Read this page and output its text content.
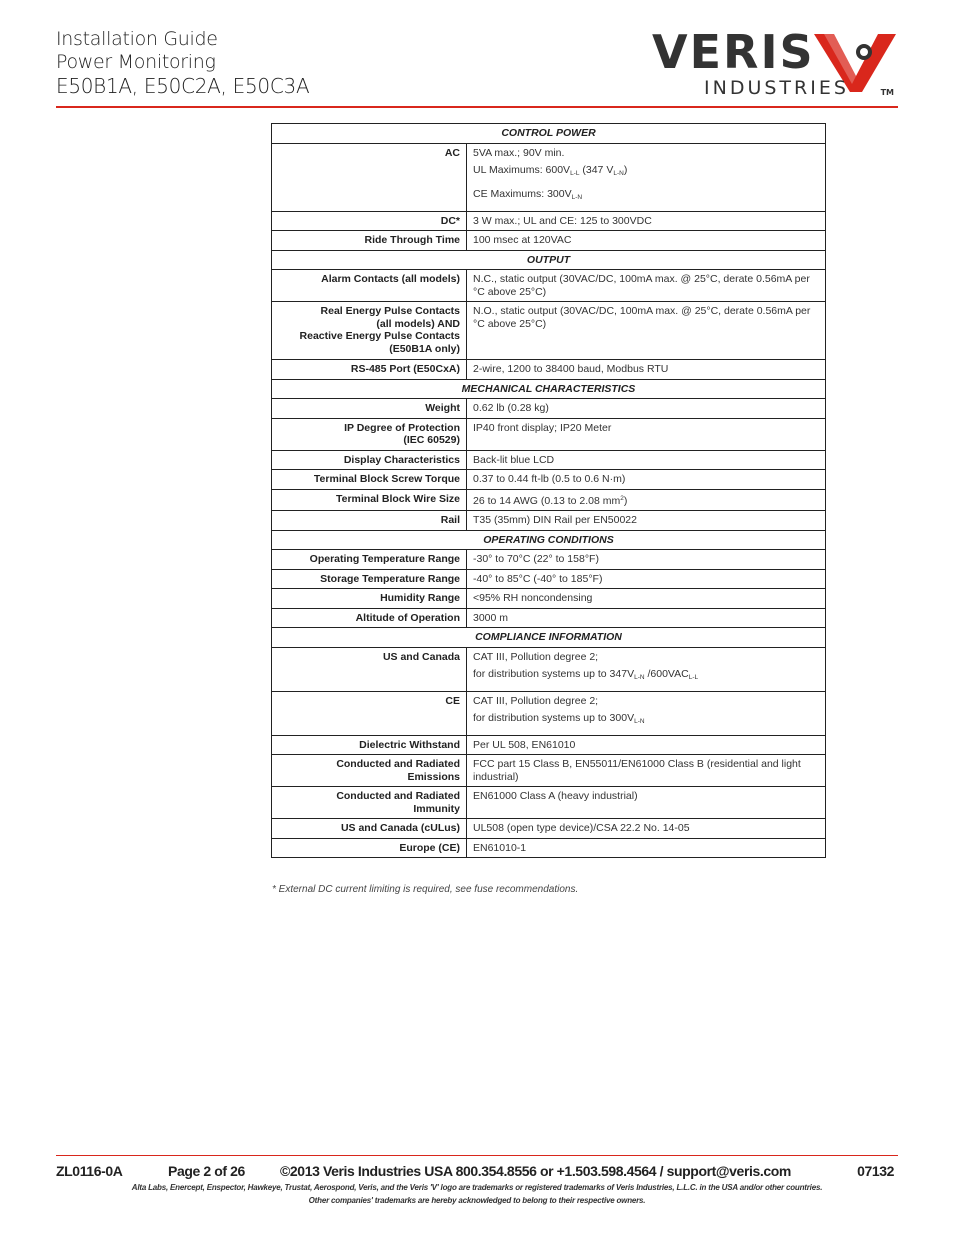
Installation Guide
Power Monitoring
E50B1A, E50C2A, E50C3A
VERIS
INDUSTRIES	TM
CONTROL POWER	
AC	5VA max.; 90V min.
UL Maximums: $600V_{L-L}$ (347 $V_{L-N}$)
CE Maximums: $300V_{L-N}$

DC*	3 W max.; UL and CE: 125 to 300VDC
Ride Through Time	100 msec at 120VAC
OUTPUT	
Alarm Contacts (all models)	N.C., static output (30VAC/DC, 100mA max. @ 25°C, derate 0.56mA per °C above 25°C)

Real Energy Pulse Contacts
(all models) AND
Reactive Energy Pulse Contacts
(E50B1A only)	N.O., static output (30VAC/DC, 100mA max. @ 25°C, derate 0.56mA per °C above 25°C)
RS-485 Port (E50CxA)	2-wire, 1200 to 38400 baud, Modbus RTU
MECHANICAL CHARACTERISTICS	
Weight	0.62 lb (0.28 kg)

IP Degree of Protection
(IEC 60529)	IP40 front display; IP20 Meter
Display Characteristics	Back-lit blue LCD
Terminal Block Screw Torque	0.37 to 0.44 ft-lb (0.5 to 0.6 N·m)
Terminal Block Wire Size	26 to 14 AWG (0.13 to 2.08 $mm^2$)
Rail	T35 (35mm) DIN Rail per EN50022
OPERATING CONDITIONS	
Operating Temperature Range	-30° to 70°C (22° to 158°F)
Storage Temperature Range	-40° to 85°C (-40° to 185°F)
Humidity Range	<95% RH noncondensing
Altitude of Operation	3000 m
COMPLIANCE INFORMATION	
US and Canada	CAT III, Pollution degree 2;
for distribution systems up to $347V_{L-N}$ $/600VAC_{L-L}$

CE	CAT III, Pollution degree 2;
for distribution systems up to $300V_{L-N}$

Dielectric Withstand	Per UL 508, EN61010

Conducted and Radiated
Emissions	FCC part 15 Class B, EN55011/EN61000 Class B (residential and light industrial)

Conducted and Radiated
Immunity	EN61000 Class A (heavy industrial)
US and Canada (cULus)	UL508 (open type device)/CSA 22.2 No. 14-05
Europe (CE)	EN61010-1
* External DC current limiting is required, see fuse recommendations.
ZL0116-0A	Page 2 of 26	©2013 Veris Industries USA 800.354.8556 or +1.503.598.4564 / support@veris.com	07132
Alta Labs, Enercept, Enspector, Hawkeye, Trustat, Aerospond, Veris, and the Veris 'V' logo are trademarks or registered trademarks of Veris Industries, L.L.C. in the USA and/or other countries.
Other companies' trademarks are hereby acknowledged to belong to their respective owners.
